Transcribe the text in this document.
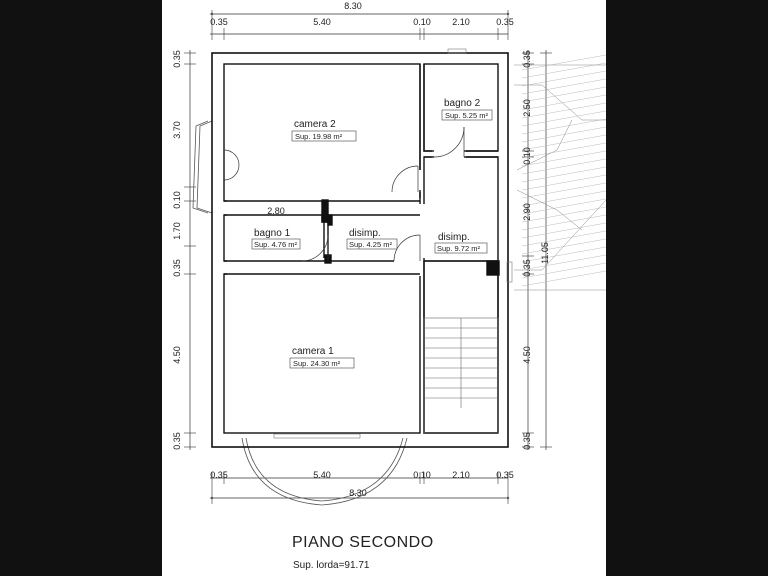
8.30
0.35	5.40	0.10 2.10	0.35
0.35	5.40	0.10 2.10	0.35
8.30
0.35
3.70
0.10
1.70
0.35
4.50
0.35
0.35
2.50
0.10
2.90
0.35
4.50
0.35
11.05
2.80
camera 2
Sup. 19.98 m²
bagno 2
Sup. 5.25 m²
bagno 1
Sup. 4.76 m²
disimp.
Sup. 4.25 m²
disimp.
Sup. 9.72 m²
camera 1
Sup. 24.30 m²
PIANO SECONDO
Sup. lorda=91.71
